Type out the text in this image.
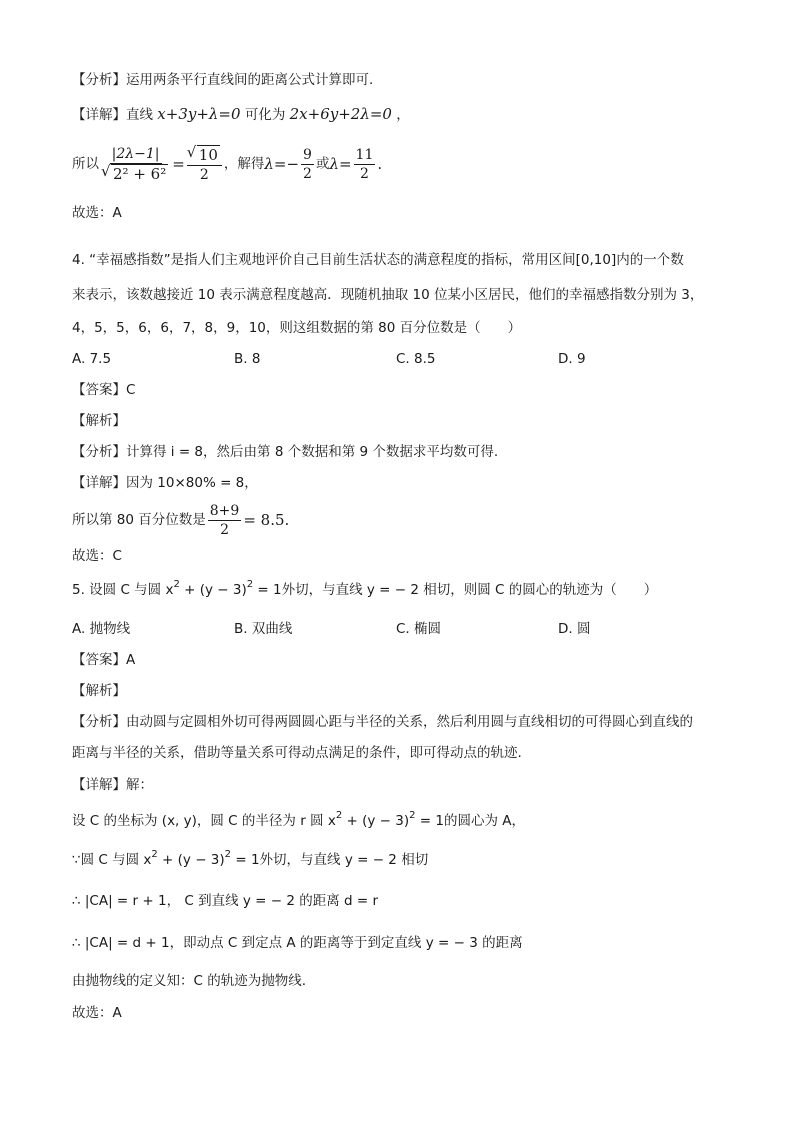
【分析】运用两条平行直线间的距离公式计算即可.
【详解】直线 x+3y+λ=0 可化为 2x+6y+2λ=0 ，
所以 |2λ−1|
√ 2² + 6² =
√ $\frac{10}{2}$ ，解得 $\lambda=- \frac{9}{2}$ 或 $\lambda= \frac{11}{2}$ .
故选：A
4. “幸福感指数”是指人们主观地评价自己目前生活状态的满意程度的指标，常用区间[0,10]内的一个数
来表示，该数越接近 10 表示满意程度越高．现随机抽取 10 位某小区居民，他们的幸福感指数分别为 3，
4，5，5，6，6，7，8，9，10，则这组数据的第 80 百分位数是（　　）
A. 7.5	B. 8	C. 8.5	D. 9
【答案】C
【解析】
【分析】计算得 i = 8，然后由第 8 个数据和第 9 个数据求平均数可得.
【详解】因为 10×80% = 8，
所以第 80 百分位数是 $\frac{8+9}{2} = 8.5$.
故选：C
5. 设圆 C 与圆 $x^2 + (y - 3)^2 = 1$外切，与直线 y = − 2 相切，则圆 C 的圆心的轨迹为（　　）
A. 抛物线	B. 双曲线	C. 椭圆	D. 圆
【答案】A
【解析】
【分析】由动圆与定圆相外切可得两圆圆心距与半径的关系，然后利用圆与直线相切的可得圆心到直线的
距离与半径的关系，借助等量关系可得动点满足的条件，即可得动点的轨迹.
【详解】解：
设 C 的坐标为 (x, y)，圆 C 的半径为 r 圆 $x^2 + (y - 3)^2 = 1$的圆心为 A，
∵圆 C 与圆 $x^2 + (y - 3)^2 = 1$外切，与直线 y = − 2 相切
∴ |CA| = r + 1， C 到直线 y = − 2 的距离 d = r
∴ |CA| = d + 1，即动点 C 到定点 A 的距离等于到定直线 y = − 3 的距离
由抛物线的定义知：C 的轨迹为抛物线.
故选：A
